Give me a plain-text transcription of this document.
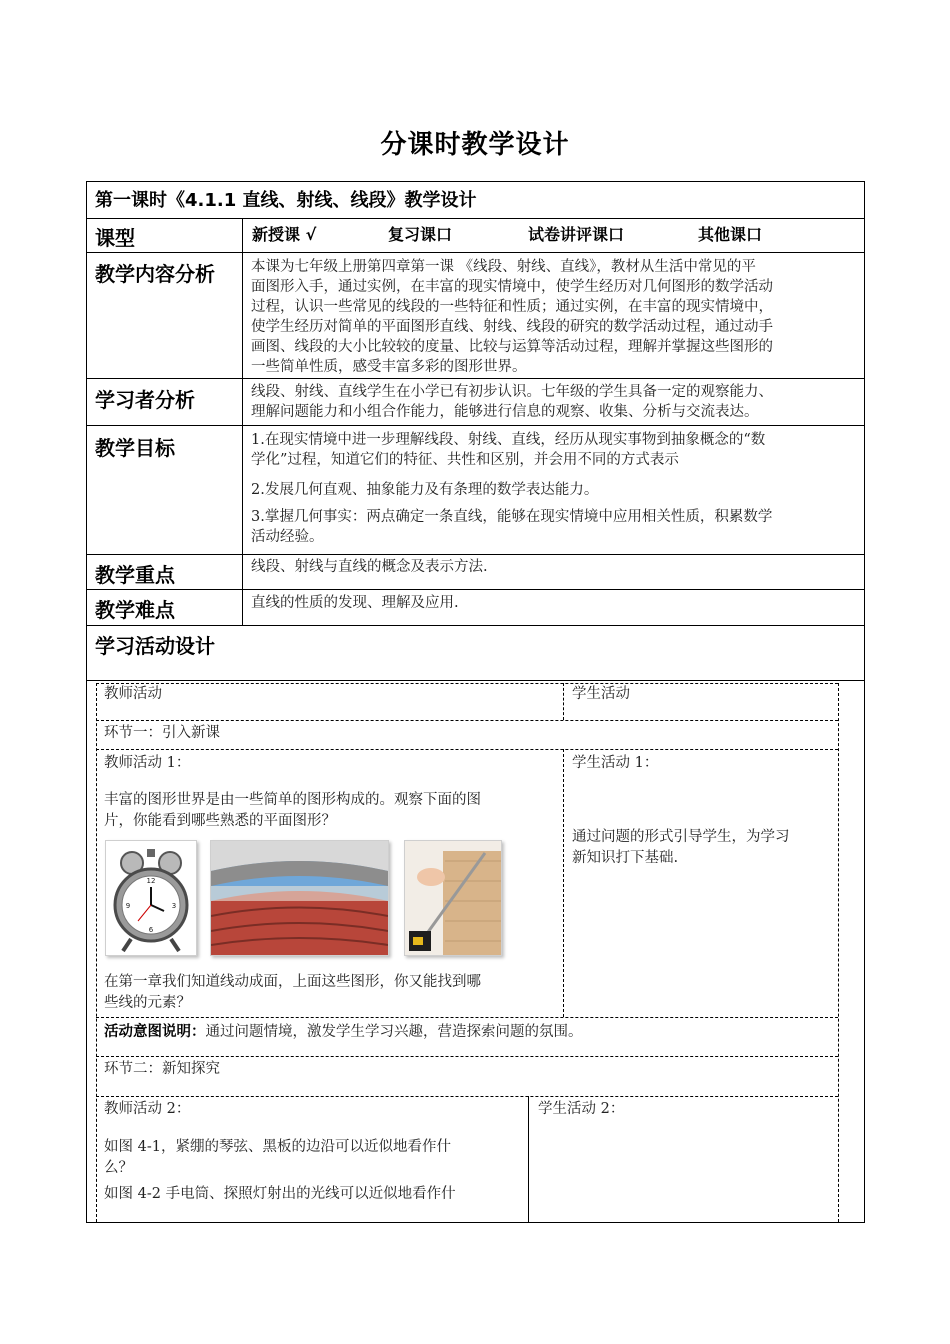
分课时教学设计
第一课时《4.1.1 直线、射线、线段》教学设计
课型	新授课 √	复习课口	试卷讲评课口	其他课口
教学内容分析 本课为七年级上册第四章第一课 《线段、射线、直线》，教材从生活中常见的平
面图形入手，通过实例，在丰富的现实情境中，使学生经历对几何图形的数学活动
过程，认识一些常见的线段的一些特征和性质；通过实例，在丰富的现实情境中，
使学生经历对简单的平面图形直线、射线、线段的研究的数学活动过程，通过动手
画图、线段的大小比较较的度量、比较与运算等活动过程，理解并掌握这些图形的
一些简单性质，感受丰富多彩的图形世界。
学习者分析	线段、射线、直线学生在小学已有初步认识。七年级的学生具备一定的观察能力、
理解问题能力和小组合作能力，能够进行信息的观察、收集、分析与交流表达。
教学目标	1.在现实情境中进一步理解线段、射线、直线，经历从现实事物到抽象概念的“数
学化”过程，知道它们的特征、共性和区别，并会用不同的方式表示
2.发展几何直观、抽象能力及有条理的数学表达能力。
3.掌握几何事实：两点确定一条直线，能够在现实情境中应用相关性质，积累数学
活动经验。
教学重点	线段、射线与直线的概念及表示方法.
教学难点	直线的性质的发现、理解及应用.
学习活动设计
教师活动	学生活动
环节一：引入新课
教师活动 1：
丰富的图形世界是由一些简单的图形构成的。观察下面的图
片，你能看到哪些熟悉的平面图形？
12
6
9	3
在第一章我们知道线动成面，上面这些图形，你又能找到哪
些线的元素？
学生活动 1：
通过问题的形式引导学生，为学习
新知识打下基础.
活动意图说明：通过问题情境，激发学生学习兴趣，营造探索问题的氛围。
环节二：新知探究
教师活动 2：
如图 4-1，紧绷的琴弦、黑板的边沿可以近似地看作什
么？
如图 4-2 手电筒、探照灯射出的光线可以近似地看作什
学生活动 2：
